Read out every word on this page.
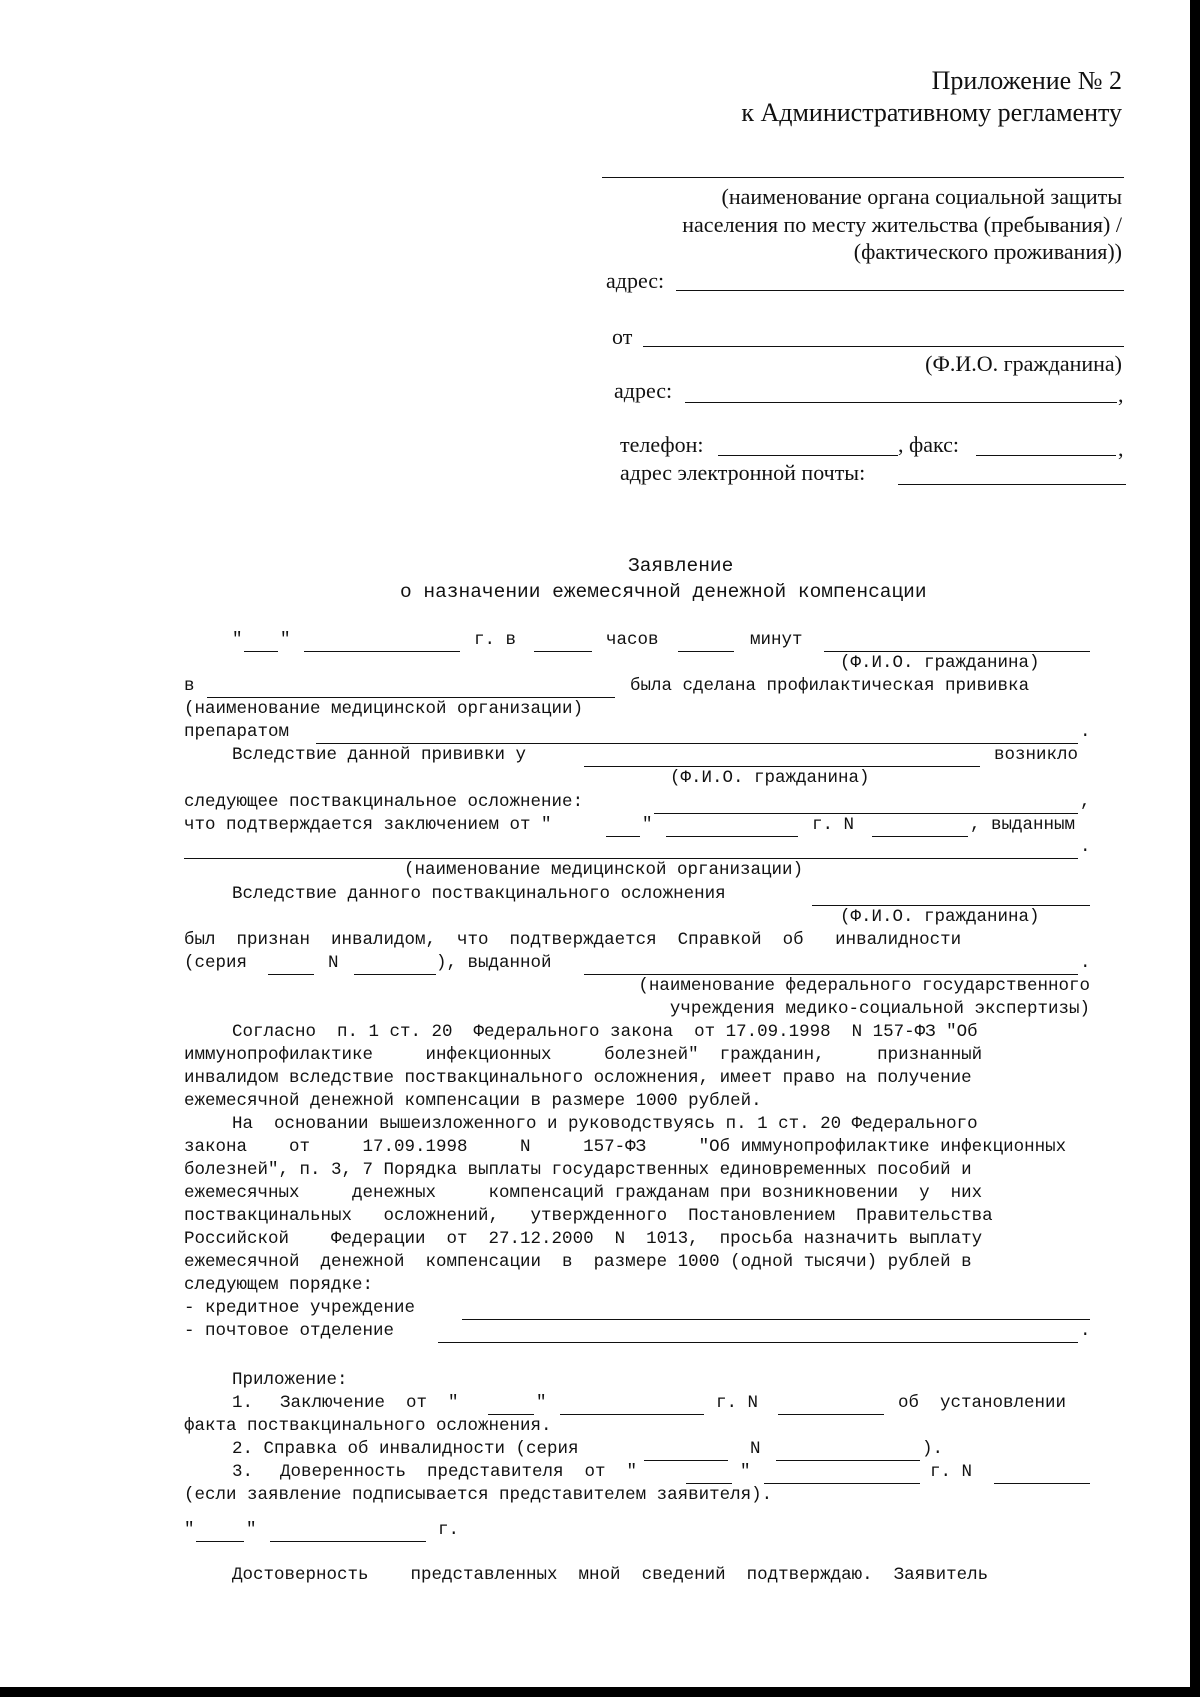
Приложение № 2
к Административному регламенту
(наименование органа социальной защиты
населения по месту жительства (пребывания) /
(фактического проживания))
адрес:
от
(Ф.И.О. гражданина)
адрес:	,
телефон:	, факс:	,
адрес электронной почты:
Заявление
о назначении ежемесячной денежной компенсации
" "	г. в	часов	минут
(Ф.И.О. гражданина)
в	была сделана профилактическая прививка
(наименование медицинской организации)
препаратом	.
Вследствие данной прививки у	возникло
(Ф.И.О. гражданина)
следующее поствакцинальное осложнение:	,
что подтверждается заключением от "	"	г. N	, выданным
.
(наименование медицинской организации)
Вследствие данного поствакцинального осложнения
(Ф.И.О. гражданина)
был  признан  инвалидом,  что  подтверждается  Справкой  об   инвалидности
(серия	N	), выданной	.
(наименование федерального государственного
учреждения медико-социальной экспертизы)
Согласно  п. 1 ст. 20  Федерального закона  от 17.09.1998  N 157-ФЗ "Об
иммунопрофилактике     инфекционных     болезней"  гражданин,     признанный
инвалидом вследствие поствакцинального осложнения, имеет право на получение
ежемесячной денежной компенсации в размере 1000 рублей.
На  основании вышеизложенного и руководствуясь п. 1 ст. 20 Федерального
закона    от     17.09.1998     N     157-ФЗ     "Об иммунопрофилактике инфекционных
болезней", п. 3, 7 Порядка выплаты государственных единовременных пособий и
ежемесячных     денежных     компенсаций гражданам при возникновении  у  них
поствакцинальных   осложнений,   утвержденного  Постановлением  Правительства
Российской    Федерации  от  27.12.2000  N  1013,  просьба назначить выплату
ежемесячной  денежной  компенсации  в  размере 1000 (одной тысячи) рублей в
следующем порядке:
- кредитное учреждение
- почтовое отделение	.
Приложение:
1. Заключение  от  "	"	г. N	об  установлении
факта поствакцинального осложнения.
2. Справка об инвалидности (серия	N	).
3. Доверенность  представителя  от  "	"	г. N
(если заявление подписывается представителем заявителя).
"	"	г.
Достоверность    представленных  мной  сведений  подтверждаю.  Заявитель
